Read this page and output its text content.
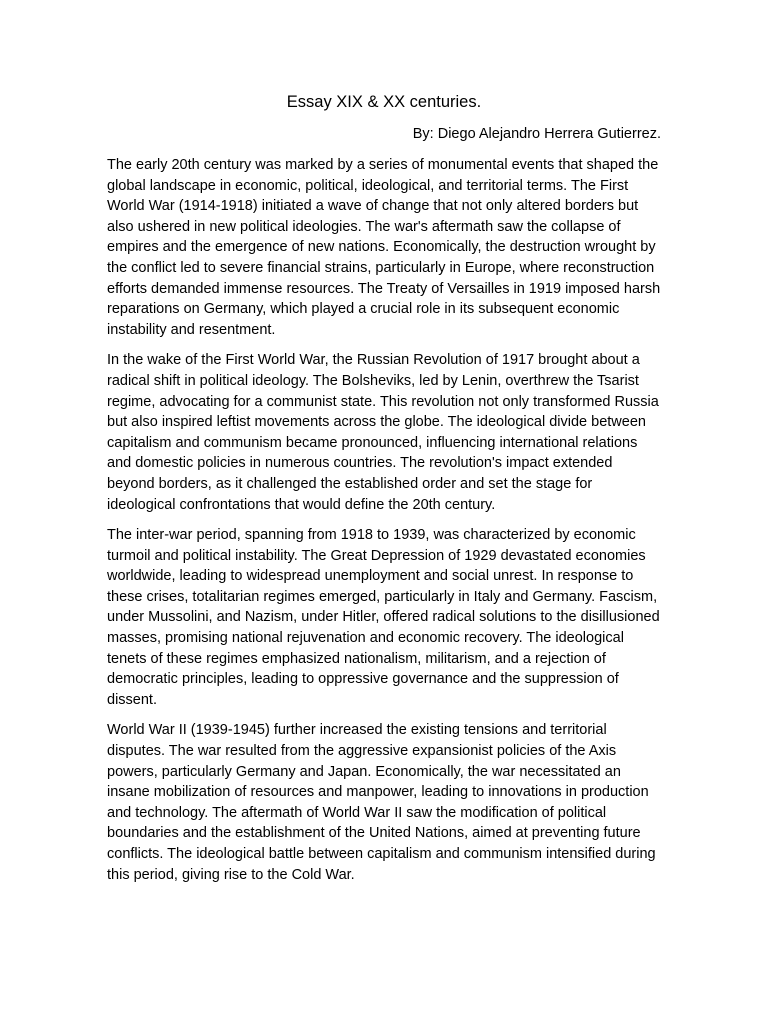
Essay XIX & XX centuries.

By: Diego Alejandro Herrera Gutierrez.

The early 20th century was marked by a series of monumental events that shaped the global landscape in economic, political, ideological, and territorial terms. The First World War (1914-1918) initiated a wave of change that not only altered borders but also ushered in new political ideologies. The war's aftermath saw the collapse of empires and the emergence of new nations. Economically, the destruction wrought by the conflict led to severe financial strains, particularly in Europe, where reconstruction efforts demanded immense resources. The Treaty of Versailles in 1919 imposed harsh reparations on Germany, which played a crucial role in its subsequent economic instability and resentment.

In the wake of the First World War, the Russian Revolution of 1917 brought about a radical shift in political ideology. The Bolsheviks, led by Lenin, overthrew the Tsarist regime, advocating for a communist state. This revolution not only transformed Russia but also inspired leftist movements across the globe. The ideological divide between capitalism and communism became pronounced, influencing international relations and domestic policies in numerous countries. The revolution's impact extended beyond borders, as it challenged the established order and set the stage for ideological confrontations that would define the 20th century.

The inter-war period, spanning from 1918 to 1939, was characterized by economic turmoil and political instability. The Great Depression of 1929 devastated economies worldwide, leading to widespread unemployment and social unrest. In response to these crises, totalitarian regimes emerged, particularly in Italy and Germany. Fascism, under Mussolini, and Nazism, under Hitler, offered radical solutions to the disillusioned masses, promising national rejuvenation and economic recovery. The ideological tenets of these regimes emphasized nationalism, militarism, and a rejection of democratic principles, leading to oppressive governance and the suppression of dissent.

World War II (1939-1945) further increased the existing tensions and territorial disputes. The war resulted from the aggressive expansionist policies of the Axis powers, particularly Germany and Japan. Economically, the war necessitated an insane mobilization of resources and manpower, leading to innovations in production and technology. The aftermath of World War II saw the modification of political boundaries and the establishment of the United Nations, aimed at preventing future conflicts. The ideological battle between capitalism and communism intensified during this period, giving rise to the Cold War.
